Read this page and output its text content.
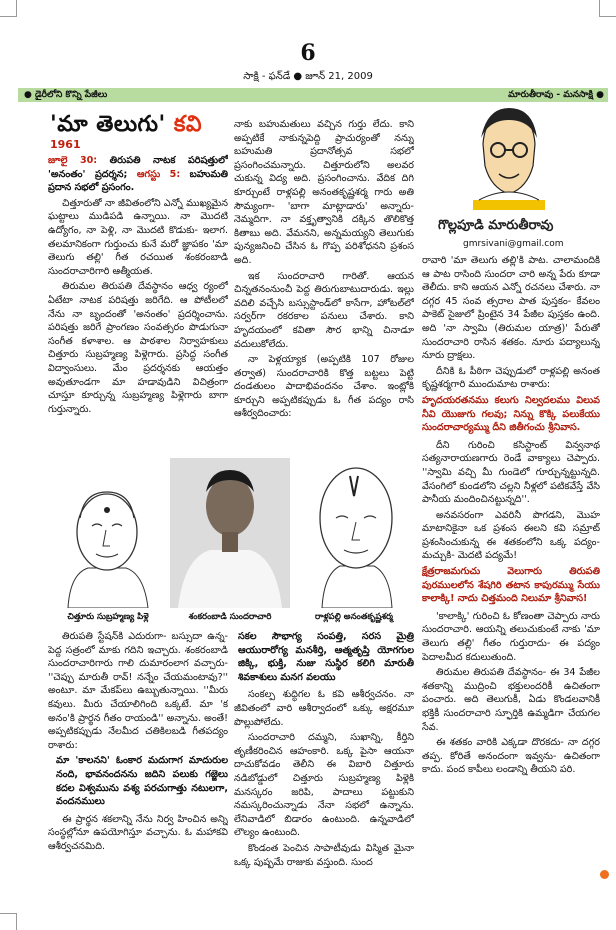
6
సాక్షి - ఫన్‌డే ● జూన్ 21, 2009
● డైరీలోని కొన్ని పేజీలు	మారుతీరావు - మనసాక్షి ●
'మా తెలుగు' కవి
1961
గొల్లపూడి మారుతీరావు
gmrsivani@gmail.com

జూలై 30: తిరుపతి నాటక పరిషత్తులో 'అనంతం' ప్రదర్శన; ఆగస్టు 5: బహుమతి ప్రదాన సభలో ప్రసంగం.

చిత్తూరుతో నా జీవితంలోని ఎన్నో ముఖ్యమైన ఘట్టాలు ముడిపడి ఉన్నాయి. నా మొదటి ఉద్యోగం, నా పెళ్లి, నా మొదటి కొడుకు- ఇలాగ. తలమానికంగా గుర్తుంచు కునే మరో జ్ఞాపకం 'మా తెలుగు తల్లి' గీత రచయిత శంకరంబాడి సుందరాచారిగారి ఆత్మీయత.

తిరుమల తిరుపతి దేవస్థానం ఆధ్వ ర్యంలో ఏటేటా నాటక పరిషత్తు జరిగేది. ఆ పోటీలలో నేను నా బృందంతో 'అనంతం' ప్రదర్శించాను. పరిషత్తు జరిగే ప్రాంగణం సంవత్సరం పొడుగునా సంగీత కళాశాల. ఆ పాఠశాల నిర్వాహకులు చిత్తూరు సుబ్రహ్మణ్య పిళ్లెగారు. ప్రసిద్ధ సంగీత విద్వాంసులు. మేం ప్రదర్శనకు ఆయత్తం అవుతూండగా మా హడావుడిని విచిత్రంగా చూస్తూ కూర్చున్న సుబ్రహ్మణ్య పిళ్లెగారు బాగా గుర్తున్నారు.

నాకు బహుమతులు వచ్చిన గుర్తు లేదు. కాని అప్పటికే నాకున్నపెద్ది ప్రాచుర్యంతో నన్ను బహుమతి ప్రదానోత్సవ సభలో ప్రసంగించమన్నారు. చిత్తూరులోని అలవర చుకున్న విద్య అది. ప్రసంగించాను. వేదిక దిగి కూర్చుంటే రాళ్లపల్లి అనంతకృష్ణశర్మ గారు అతి సౌమ్యంగా- 'బాగా మాట్లాడారు' అన్నారు- నెమ్మదిగా. నా వక్తృత్వానికి దక్కిన తొలికొత్త కితాబు అది. వేమనని, అన్నమయ్యని తెలుగుకు పున్యజనించి చేసిన ఓ గొప్ప పరిశోధనని ప్రశంస అది.

ఇక సుందరాచారి గారితో. ఆయన చిన్నతనంనుంచీ పెద్ద తిరుగుబాటుదారుడు. ఇల్లు వదిలి వచ్చేసి బస్సుస్టాండ్‌లో కాసేగా, హోటల్‌లో సర్వర్‌గా రకరకాల పనులు చేశారు. కాని హృదయంలో కవితా సౌర భాన్ని చినాడూ వదులుకోలేదు.

నా పెళ్లయ్యాక (అప్పటికి 107 రోజుల తర్వాత) సుందరాచారికి కొత్త బట్టలు పెట్టి దండతులం పాదాభివందనం చేశాం. ఇంట్లోకి కూర్చుని అప్పటికప్పుడు ఓ గీత పద్యం రాసి ఆశీర్వదించారు:

చిత్తూరు సుబ్రహ్మణ్య పిళ్లె	శంకరంబాడి సుందరాచారి	రాళ్లపల్లి అనంతకృష్ణశర్మ

తిరుపతి స్టేషన్‌కి ఎదురుగా- బస్సుదా ఉన్న- పెద్ద సత్రంలో మాకు గదిని ఇచ్చారు. శంకరంబాడి సుందరాచారిగారు గాలి దుమారంలాగ వచ్చారు- ''చెప్పు మారుతీ రావ్! నన్నేం చేయమంటావు?'' అంటూ. మా మేకప్‌లు ఉబ్బుతున్నాయి. ''మీరు కవులు. మీరు చేయాలిగింది ఒక్కటే. మా 'క అనం'కి ప్రార్థన గీతం రాయండి'' అన్నాను. అంతే! అప్పటికప్పుడు నేలమీద చతికిలబడి గీతపద్యం రాశారు:

మా 'కాలనని' ఓంకార మదుగాగ మాదురుల నంది, భావనందనను జదిని పలుకు గజ్జెలు కదల విశ్వమును వశ్య పరచుగాత్తు నటులగా, వందనములు

ఈ ప్రార్థన శకలాన్ని నేను నిర్వ హించిన అన్ని సంస్థల్లోనూ ఉపయోగిస్తూ వచ్చాను. ఓ మహాకవి ఆశీర్వచనమిది.

సకల సౌభాగ్య సంపత్తి, సరస మైత్రి ఆయురారోగ్య మనశీర్తి, ఆత్మతృప్తి యోగగుల జిక్కి, భుక్తి, నుజు సుస్థిర కలిగి మారుతీ శివకాశులు మనగ వలయు

సంకల్ప శుద్ధిగల ఓ కవి ఆశీర్వచనం. నా జీవితంలో వారి ఆశీర్వాదంలో ఒక్కు అక్షరమూ పొల్లుపోలేదు.

సుందరాచారి దమ్మని, సుఖాన్ని, కీర్తిని తృణీకరించిన ఆహంకారి. ఒక్క పైసా ఆయనా దాచుకోవడం తెలీని ఈ విబారి చిత్తూరు నడిబోడ్డులో చిత్తూరు సుబ్రహ్మణ్య పిళ్లెకి మనస్కరం జరిపి, పాదాలు పట్టుకుని నమస్కరించున్నాడు నేనా సభలో ఉన్నాను. లేనివాడిలో బిడారం ఉంటుంది. ఉన్నవాడిలో లౌల్యం ఉంటుంది.

కొండంత పెంచిన సాపాటీవుడు విస్మిత మైనా ఒక్క పుష్పమే రాజుకు వస్తుంది. సుంద

రావారి 'మా తెలుగు తల్లి'కి పాట. చాలామందికి ఆ పాట రాసింది సుందరా చారి అన్న పేరు కూడా తెలీదు. కాని ఆయన ఎన్నో రచనలు చేశారు. నా దగ్గర 45 సంవ త్సరాల పాత పుస్తకం- కేవలం పాకెట్ సైజులో ప్రింటైన 34 పేజీల పుస్తకం ఉంది. అది 'నా స్వామి (తిరుమల యాత్ర)' పేరుతో సుందరాచారి రాసిన శతకం. నూరు పద్యాలున్న నూరు ద్రాక్షలు.

దీనికి ఓ పీఠిగా చెప్పుడులో రాళ్లపల్లి అనంత కృష్ణశర్మగారి ముందుమాట రాశారు:

హృదయరతనము కలుగు నిల్వదలము విలువ నీవి యొజుగు గలవు; నిన్ను కొక్కి పలుకేయు సుందరాచార్యమ్ము దీని జితీగంచు శ్రీనివాస.

దీని గురించి కసిస్టాంట్ విన్వనాథ సత్యనారాయణగారు రెండే వాక్యాలు చెప్పారు. ''స్వామి వచ్చి మీ గుండెలో గూర్చున్నట్టున్నది. వేసంగిలో కుండలోని చల్లని నీళ్లలో పటికవేస్తే వేసి పానీయ మందించినట్టున్నది''.

అనవసరంగా ఎవరినీ పొగడని, మొహ మాటానికైనా ఒక ప్రశంస ఈలని కవి సమ్రాట్ ప్రశంసించుకున్న ఈ శతకంలోని ఒక్క పద్యం- మచ్చుకి- మెదటి పద్యమే!

క్షేత్రరాజమగుచు వెలుగారు తిరుపతి పురములలోన శేషగిరి తటాన కాపురమ్ము సేయు కాలాక్కి! నాదు చిత్తమంది నిలుమా శ్రీనివాస!

'కాలాక్కి' గురించి ఓ కోణంతా చెప్పారు నారు సుందరాచారి. ఆయన్ని తలుచుకుంటే నాకు 'మా తెలుగు తల్లి' గీతం గుర్తురాదు- ఈ పద్యం పెదాలమీద కదులుతుంది.

తిరుమల తిరుపతి దేవస్థానం- ఈ 34 పేజీల శతకాన్ని ముద్రించి భక్తులందరికీ ఉచితంగా పంచారు. అది తెలుగుకీ, ఏడు కొండలవానికీ భక్తికీ సుందరాచారి స్ఫూర్తికి ఉమ్మడిగా చేయగల సేవ.

ఈ శతకం వారికి ఎక్కడా దొరకదు- నా దగ్గర తప్ప. కోరితే అనందంగా ఇవ్వను- ఉచితంగా కాదు. పంద కాపీలు లండాన్ని తీయని పరి.
